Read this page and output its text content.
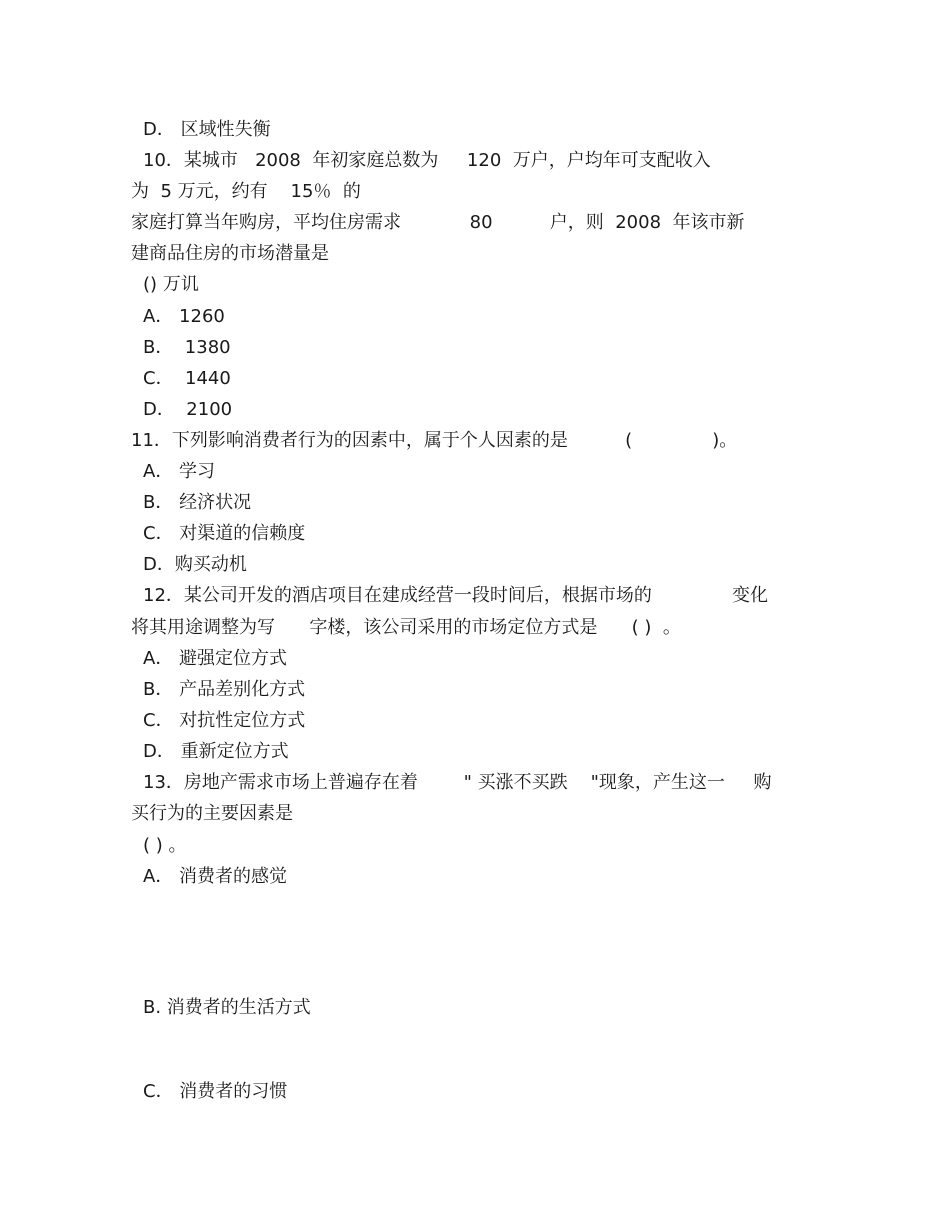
D． 区域性失衡
10．某城市   2008  年初家庭总数为     120  万户，户均年可支配收入
为  5 万元，约有    15％  的
家庭打算当年购房，平均住房需求            80          户，则  2008  年该市新
建商品住房的市场潜量是
() 万讥
A． 1260
B．  1380
C．  1440
D．  2100
11．下列影响消费者行为的因素中，属于个人因素的是          (              )。
A． 学习
B． 经济状况
C． 对渠道的信赖度
D．购买动机
12．某公司开发的酒店项目在建成经营一段时间后，根据市场的              变化
将其用途调整为写      字楼，该公司采用的市场定位方式是      ( )  。
A． 避强定位方式
B． 产品差别化方式
C． 对抗性定位方式
D． 重新定位方式
13．房地产需求市场上普遍存在着        " 买涨不买跌    "现象，产生这一     购
买行为的主要因素是
( ) 。
A． 消费者的感觉
B. 消费者的生活方式
C． 消费者的习惯
